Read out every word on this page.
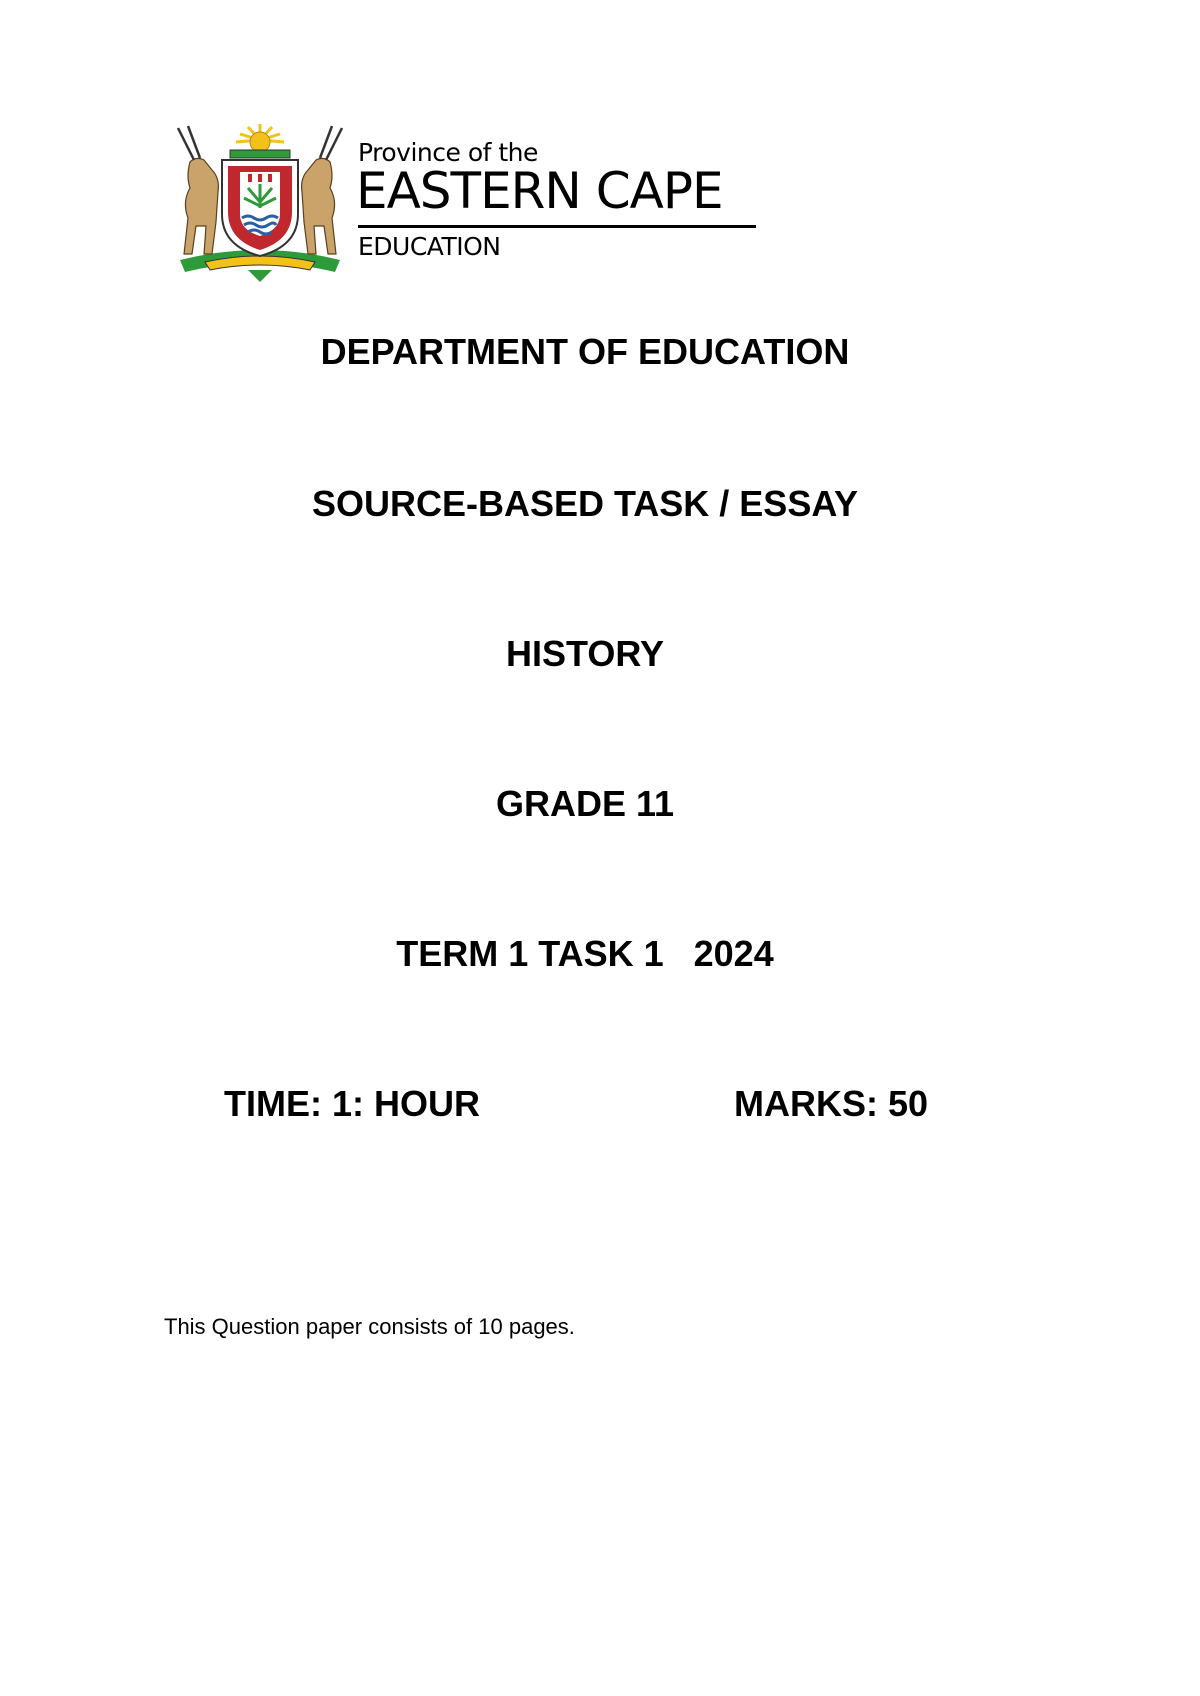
Province of the
EASTERN CAPE
EDUCATION
DEPARTMENT OF EDUCATION
SOURCE-BASED TASK / ESSAY
HISTORY
GRADE 11
TERM 1 TASK 1   2024
TIME: 1: HOUR	MARKS: 50
This Question paper consists of 10 pages.
